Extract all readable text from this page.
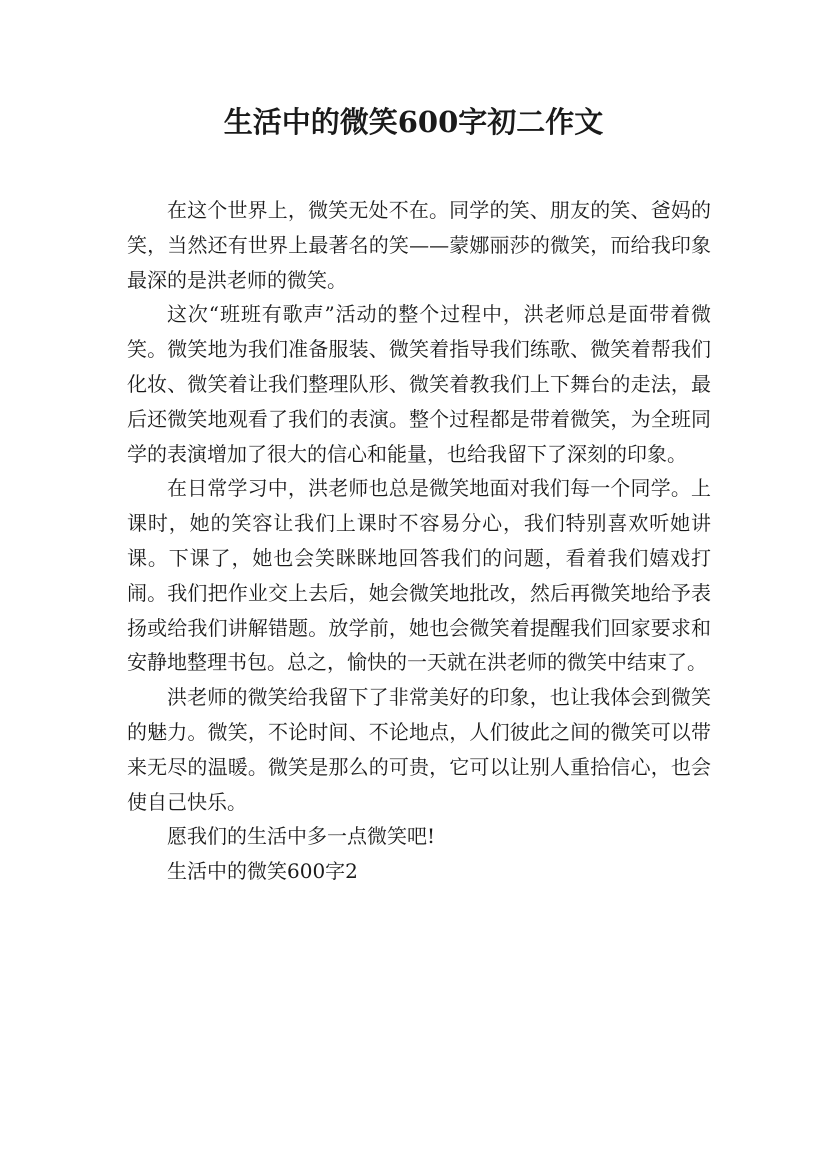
生活中的微笑600字初二作文

在这个世界上，微笑无处不在。同学的笑、朋友的笑、爸妈的笑，当然还有世界上最著名的笑——蒙娜丽莎的微笑，而给我印象最深的是洪老师的微笑。

这次“班班有歌声”活动的整个过程中，洪老师总是面带着微笑。微笑地为我们准备服装、微笑着指导我们练歌、微笑着帮我们化妆、微笑着让我们整理队形、微笑着教我们上下舞台的走法，最后还微笑地观看了我们的表演。整个过程都是带着微笑，为全班同学的表演增加了很大的信心和能量，也给我留下了深刻的印象。

在日常学习中，洪老师也总是微笑地面对我们每一个同学。上课时，她的笑容让我们上课时不容易分心，我们特别喜欢听她讲课。下课了，她也会笑眯眯地回答我们的问题，看着我们嬉戏打闹。我们把作业交上去后，她会微笑地批改，然后再微笑地给予表扬或给我们讲解错题。放学前，她也会微笑着提醒我们回家要求和安静地整理书包。总之，愉快的一天就在洪老师的微笑中结束了。

洪老师的微笑给我留下了非常美好的印象，也让我体会到微笑的魅力。微笑，不论时间、不论地点，人们彼此之间的微笑可以带来无尽的温暖。微笑是那么的可贵，它可以让别人重拾信心，也会使自己快乐。

愿我们的生活中多一点微笑吧!

生活中的微笑600字2
